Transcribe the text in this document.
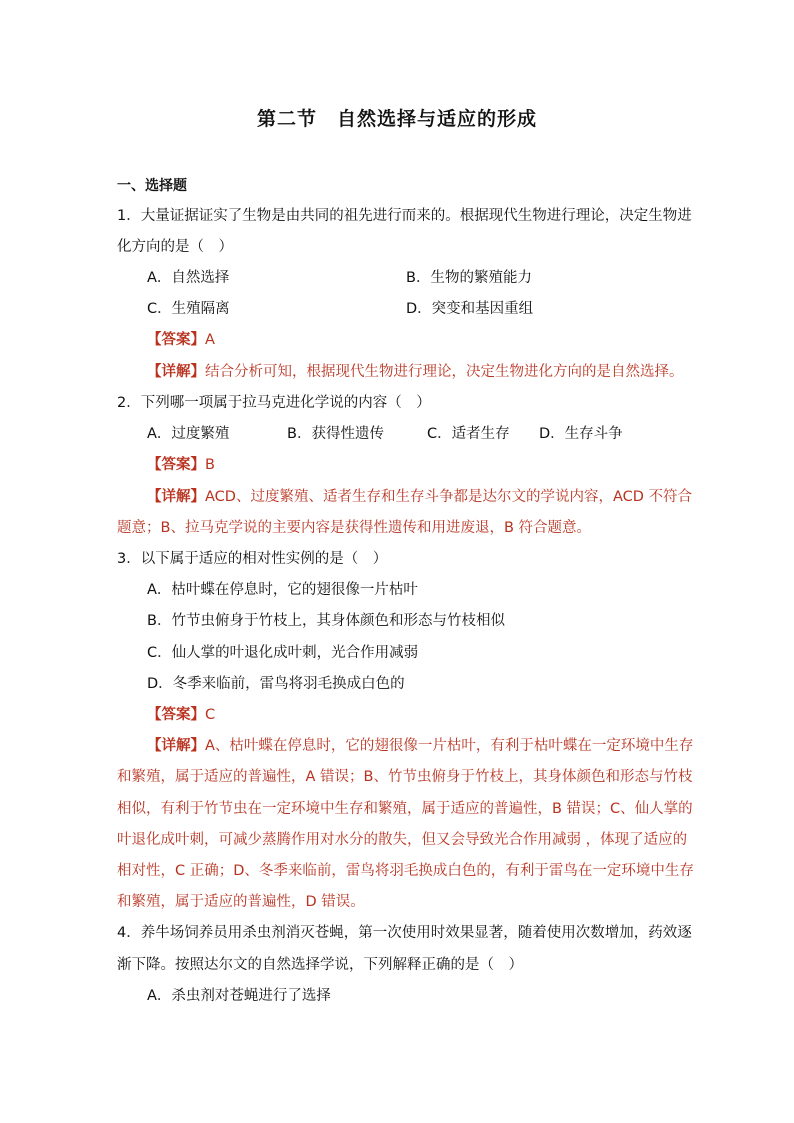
第二节　自然选择与适应的形成
一、选择题
1．大量证据证实了生物是由共同的祖先进行而来的。根据现代生物进行理论，决定生物进
化方向的是（　）
A．自然选择	B．生物的繁殖能力
C．生殖隔离	D．突变和基因重组
【答案】A
【详解】结合分析可知，根据现代生物进行理论，决定生物进化方向的是自然选择。
2．下列哪一项属于拉马克进化学说的内容（　）
A．过度繁殖	B．获得性遗传	C．适者生存 D．生存斗争
【答案】B
【详解】ACD、过度繁殖、适者生存和生存斗争都是达尔文的学说内容，ACD 不符合
题意；B、拉马克学说的主要内容是获得性遗传和用进废退，B 符合题意。
3．以下属于适应的相对性实例的是（　）
A．枯叶蝶在停息时，它的翅很像一片枯叶
B．竹节虫俯身于竹枝上，其身体颜色和形态与竹枝相似
C．仙人掌的叶退化成叶刺，光合作用减弱
D．冬季来临前，雷鸟将羽毛换成白色的
【答案】C
【详解】A、枯叶蝶在停息时，它的翅很像一片枯叶，有利于枯叶蝶在一定环境中生存
和繁殖，属于适应的普遍性，A 错误；B、竹节虫俯身于竹枝上，其身体颜色和形态与竹枝
相似，有利于竹节虫在一定环境中生存和繁殖，属于适应的普遍性，B 错误；C、仙人掌的
叶退化成叶刺，可减少蒸腾作用对水分的散失，但又会导致光合作用减弱 ，体现了适应的
相对性，C 正确；D、冬季来临前，雷鸟将羽毛换成白色的，有利于雷鸟在一定环境中生存
和繁殖，属于适应的普遍性，D 错误。
4．养牛场饲养员用杀虫剂消灭苍蝇，第一次使用时效果显著，随着使用次数增加，药效逐
渐下降。按照达尔文的自然选择学说，下列解释正确的是（　）
A．杀虫剂对苍蝇进行了选择
